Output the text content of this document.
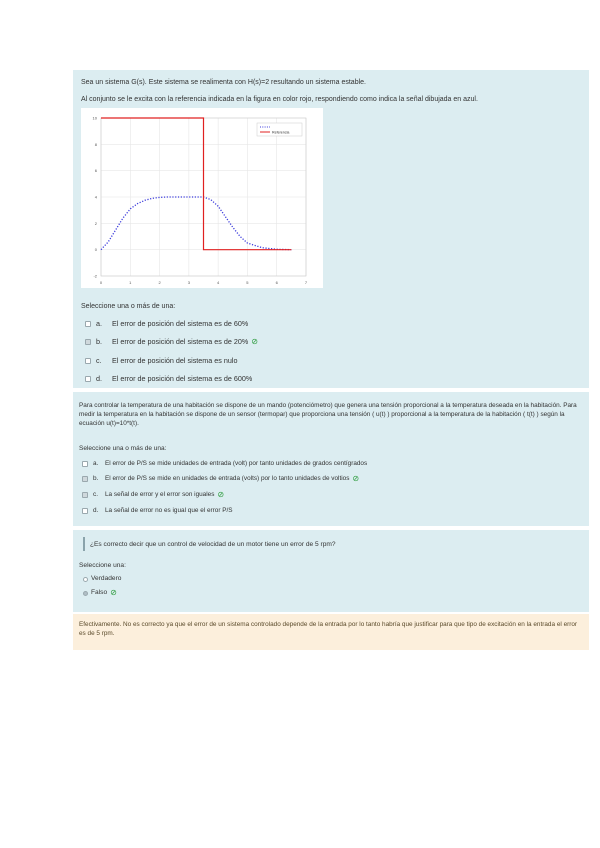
Sea un sistema G(s). Este sistema se realimenta con H(s)=2 resultando un sistema estable.
Al conjunto se le excita con la referencia indicada en la figura en color rojo, respondiendo como indica la señal dibujada en azul.
0	1	2	3	4	5	6	7
-2
0
2
4
6
8
10
Referencia
Seleccione una o más de una:
a.	El error de posición del sistema es de 60%
b.	El error de posición del sistema es de 20% ⊘
c.	El error de posición del sistema es nulo
d.	El error de posición del sistema es de 600%
Para controlar la temperatura de una habitación se dispone de un mando (potenciómetro) que genera una tensión proporcional a la temperatura deseada en la habitación. Para medir la temperatura en la habitación se dispone de un sensor (termopar) que proporciona una tensión ( u(t) ) proporcional a la temperatura de la habitación ( t(t) ) según la ecuación u(t)=10*t(t).
Seleccione una o más de una:
a.	El error de P/S se mide unidades de entrada (volt) por tanto unidades de grados centígrados
b.	El error de P/S se mide en unidades de entrada (volts) por lo tanto unidades de voltios ⊘
c.	La señal de error y el error son iguales ⊘
d.	La señal de error no es igual que el error P/S
¿Es correcto decir que un control de velocidad de un motor tiene un error de 5 rpm?
Seleccione una:
Verdadero
Falso ⊘
Efectivamente. No es correcto ya que el error de un sistema controlado depende de la entrada por lo tanto habría que justificar para que tipo de excitación en la entrada el error es de 5 rpm.
